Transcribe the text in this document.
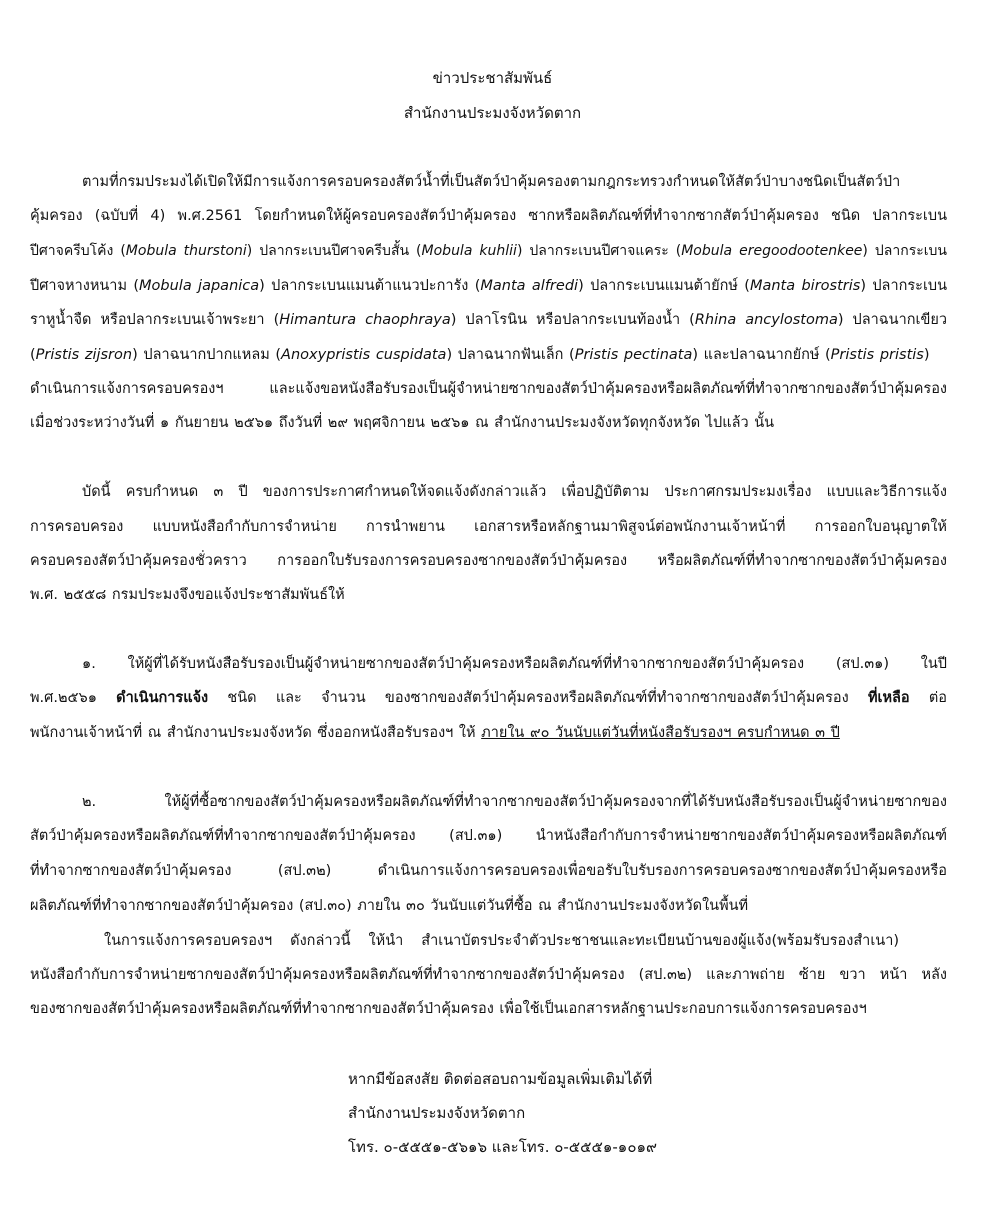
ข่าวประชาสัมพันธ์
สำนักงานประมงจังหวัดตาก
ตามที่กรมประมงได้เปิดให้มีการแจ้งการครอบครองสัตว์น้ำที่เป็นสัตว์ป่าคุ้มครองตามกฎกระทรวงกำหนดให้สัตว์ป่าบางชนิดเป็นสัตว์ป่า
คุ้มครอง (ฉบับที่ 4) พ.ศ.2561 โดยกำหนดให้ผู้ครอบครองสัตว์ป่าคุ้มครอง ซากหรือผลิตภัณฑ์ที่ทำจากซากสัตว์ป่าคุ้มครอง ชนิด ปลากระเบน
ปีศาจครีบโค้ง (Mobula thurstoni) ปลากระเบนปีศาจครีบสั้น (Mobula kuhlii) ปลากระเบนปีศาจแคระ (Mobula eregoodootenkee) ปลากระเบน
ปีศาจหางหนาม (Mobula japanica) ปลากระเบนแมนต้าแนวปะการัง (Manta alfredi) ปลากระเบนแมนต้ายักษ์ (Manta birostris) ปลากระเบน
ราหูน้ำจืด หรือปลากระเบนเจ้าพระยา (Himantura chaophraya) ปลาโรนิน หรือปลากระเบนท้องน้ำ (Rhina ancylostoma) ปลาฉนากเขียว
(Pristis zijsron) ปลาฉนากปากแหลม (Anoxypristis cuspidata) ปลาฉนากฟันเล็ก (Pristis pectinata) และปลาฉนากยักษ์ (Pristis pristis)
ดำเนินการแจ้งการครอบครองฯ และแจ้งขอหนังสือรับรองเป็นผู้จำหน่ายซากของสัตว์ป่าคุ้มครองหรือผลิตภัณฑ์ที่ทำจากซากของสัตว์ป่าคุ้มครอง
เมื่อช่วงระหว่างวันที่ ๑ กันยายน ๒๕๖๑ ถึงวันที่ ๒๙ พฤศจิกายน ๒๕๖๑ ณ สำนักงานประมงจังหวัดทุกจังหวัด ไปแล้ว นั้น
บัดนี้ ครบกำหนด ๓ ปี ของการประกาศกำหนดให้จดแจ้งดังกล่าวแล้ว เพื่อปฏิบัติตาม ประกาศกรมประมงเรื่อง แบบและวิธีการแจ้ง
การครอบครอง แบบหนังสือกำกับการจำหน่าย การนำพยาน เอกสารหรือหลักฐานมาพิสูจน์ต่อพนักงานเจ้าหน้าที่ การออกใบอนุญาตให้
ครอบครองสัตว์ป่าคุ้มครองชั่วคราว การออกใบรับรองการครอบครองซากของสัตว์ป่าคุ้มครอง หรือผลิตภัณฑ์ที่ทำจากซากของสัตว์ป่าคุ้มครอง
พ.ศ. ๒๕๕๘ กรมประมงจึงขอแจ้งประชาสัมพันธ์ให้
๑. ให้ผู้ที่ได้รับหนังสือรับรองเป็นผู้จำหน่ายซากของสัตว์ป่าคุ้มครองหรือผลิตภัณฑ์ที่ทำจากซากของสัตว์ป่าคุ้มครอง (สป.๓๑) ในปี
พ.ศ.๒๕๖๑ ดำเนินการแจ้ง ชนิด และ จำนวน ของซากของสัตว์ป่าคุ้มครองหรือผลิตภัณฑ์ที่ทำจากซากของสัตว์ป่าคุ้มครอง ที่เหลือ ต่อ
พนักงานเจ้าหน้าที่ ณ สำนักงานประมงจังหวัด ซึ่งออกหนังสือรับรองฯ ให้ ภายใน ๙๐ วันนับแต่วันที่หนังสือรับรองฯ ครบกำหนด ๓ ปี
๒. ให้ผู้ที่ซื้อซากของสัตว์ป่าคุ้มครองหรือผลิตภัณฑ์ที่ทำจากซากของสัตว์ป่าคุ้มครองจากที่ได้รับหนังสือรับรองเป็นผู้จำหน่ายซากของ
สัตว์ป่าคุ้มครองหรือผลิตภัณฑ์ที่ทำจากซากของสัตว์ป่าคุ้มครอง (สป.๓๑) นำหนังสือกำกับการจำหน่ายซากของสัตว์ป่าคุ้มครองหรือผลิตภัณฑ์
ที่ทำจากซากของสัตว์ป่าคุ้มครอง (สป.๓๒) ดำเนินการแจ้งการครอบครองเพื่อขอรับใบรับรองการครอบครองซากของสัตว์ป่าคุ้มครองหรือ
ผลิตภัณฑ์ที่ทำจากซากของสัตว์ป่าคุ้มครอง (สป.๓๐) ภายใน ๓๐ วันนับแต่วันที่ซื้อ ณ สำนักงานประมงจังหวัดในพื้นที่
ในการแจ้งการครอบครองฯ ดังกล่าวนี้ ให้นำ สำเนาบัตรประจำตัวประชาชนและทะเบียนบ้านของผู้แจ้ง(พร้อมรับรองสำเนา)
หนังสือกำกับการจำหน่ายซากของสัตว์ป่าคุ้มครองหรือผลิตภัณฑ์ที่ทำจากซากของสัตว์ป่าคุ้มครอง (สป.๓๒) และภาพถ่าย ซ้าย ขวา หน้า หลัง
ของซากของสัตว์ป่าคุ้มครองหรือผลิตภัณฑ์ที่ทำจากซากของสัตว์ป่าคุ้มครอง เพื่อใช้เป็นเอกสารหลักฐานประกอบการแจ้งการครอบครองฯ
หากมีข้อสงสัย ติดต่อสอบถามข้อมูลเพิ่มเติมได้ที่
สำนักงานประมงจังหวัดตาก
โทร. ๐-๕๕๕๑-๕๖๑๖ และโทร. ๐-๕๕๕๑-๑๐๑๙
